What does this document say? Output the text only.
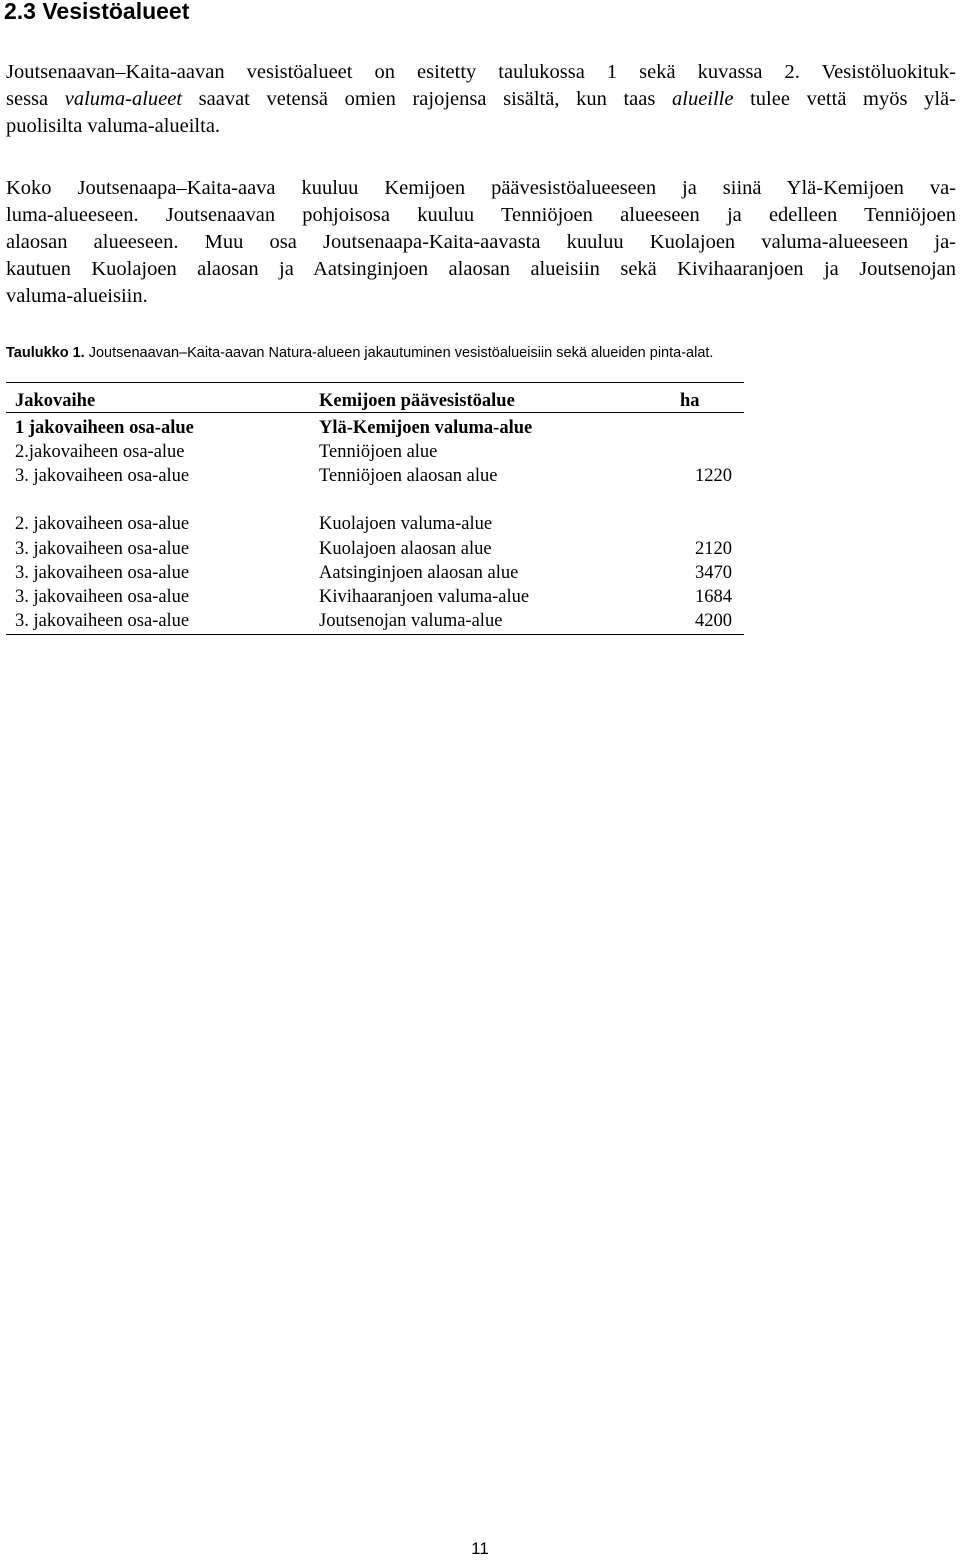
2.3 Vesistöalueet

Joutsenaavan–Kaita-aavan vesistöalueet on esitetty taulukossa 1 sekä kuvassa 2. Vesistöluokituk-
sessa valuma-alueet saavat vetensä omien rajojensa sisältä, kun taas alueille tulee vettä myös ylä-
puolisilta valuma-alueilta.

Koko Joutsenaapa–Kaita-aava kuuluu Kemijoen päävesistöalueeseen ja siinä Ylä-Kemijoen va-
luma-alueeseen. Joutsenaavan pohjoisosa kuuluu Tenniöjoen alueeseen ja edelleen Tenniöjoen
alaosan alueeseen. Muu osa Joutsenaapa-Kaita-aavasta kuuluu Kuolajoen valuma-alueeseen ja-
kautuen Kuolajoen alaosan ja Aatsinginjoen alaosan alueisiin sekä Kivihaaranjoen ja Joutsenojan
valuma-alueisiin.

Taulukko 1. Joutsenaavan–Kaita-aavan Natura-alueen jakautuminen vesistöalueisiin sekä alueiden pinta-alat.

Jakovaihe	Kemijoen päävesistöalue	ha
1 jakovaiheen osa-alue	Ylä-Kemijoen valuma-alue
2.jakovaiheen osa-alue	Tenniöjoen alue
3. jakovaiheen osa-alue	Tenniöjoen alaosan alue	1220
2. jakovaiheen osa-alue	Kuolajoen valuma-alue
3. jakovaiheen osa-alue	Kuolajoen alaosan alue	2120
3. jakovaiheen osa-alue	Aatsinginjoen alaosan alue	3470
3. jakovaiheen osa-alue	Kivihaaranjoen valuma-alue	1684
3. jakovaiheen osa-alue	Joutsenojan valuma-alue	4200
11
